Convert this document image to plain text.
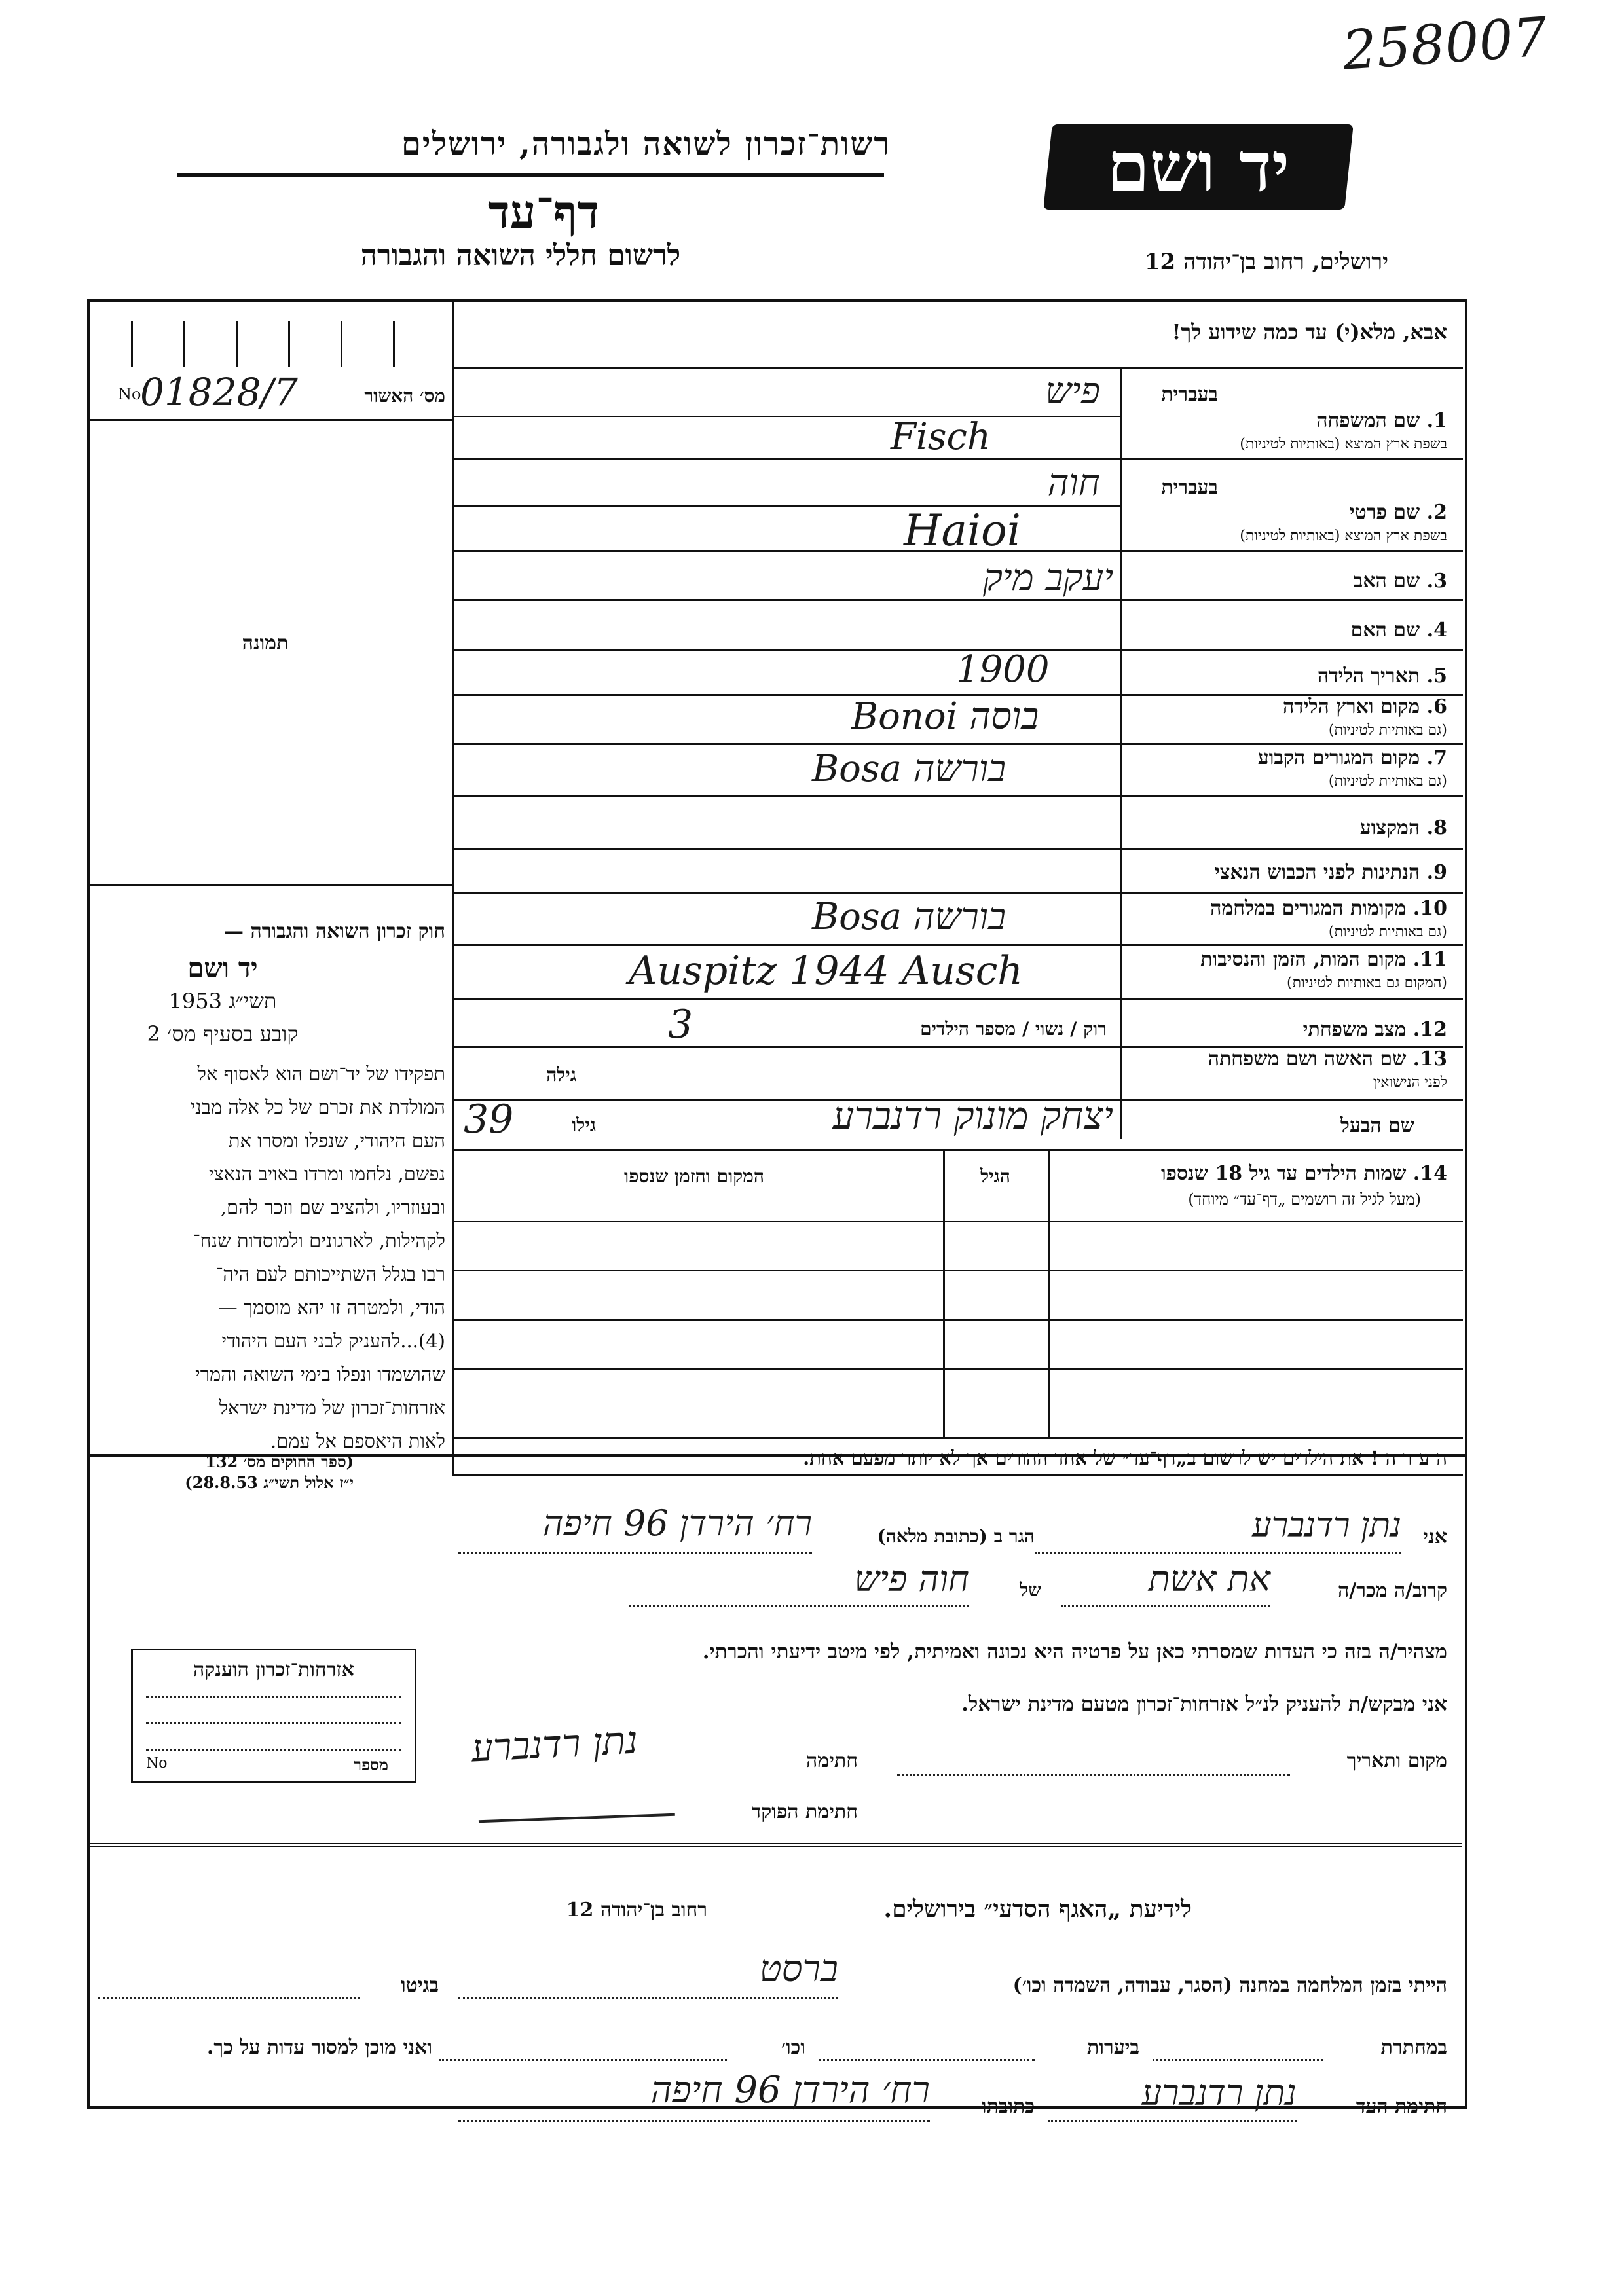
258007
רשות־זכרון לשואה ולגבורה, ירושלים
דף־עד
לרשום חללי השואה והגבורה
יד ושם
ירושלים, רחוב בן־יהודה 12
אבא, מלא(י) עד כמה שידוע לך!
No
01828/7	מס׳ האשור
תמונה
חוק זכרון השואה והגבורה —
יד ושם
תשי״ג 1953
קובע בסעיף מס׳ 2
תפקידו של יד־ושם הוא לאסוף אל
המולדת את זכרם של כל אלה מבני
העם היהודי, שנפלו ומסרו את
נפשם, נלחמו ומרדו באויב הנאצי
ובעוזריו, ולהציב שם וזכר להם,
לקהילות, לארגונים ולמוסדות שנח־
רבו בגלל השתייכותם לעם היה־
הודי, ולמטרה זו יהא מוסמך —
(4)...להעניק לבני העם היהודי
שהושמדו ונפלו בימי השואה והמרי
אזרחות־זכרון של מדינת ישראל
לאות היאספם אל עמם.
(ספר החוקים מס׳ 132
י״ז אלול תשי״ג 28.8.53)
בעברית
1. שם המשפחה
בשפת ארץ המוצא (באותיות לטיניות)
בעברית
2. שם פרטי
בשפת ארץ המוצא (באותיות לטיניות)
3. שם האב
4. שם האם
5. תאריך הלידה
6. מקום וארץ הלידה
(גם באותיות לטיניות)
7. מקום המגורים הקבוע
(גם באותיות לטיניות)
8. המקצוע
9. הנתינות לפני הכבוש הנאצי
10. מקומות המגורים במלחמה
(גם באותיות לטיניות)
11. מקום המות, הזמן והנסיבות
(המקום גם באותיות לטיניות)
12. מצב משפחתי
רוק / נשוי / מספר הילדים
3
13. שם האשה ושם משפחתה
לפני הנישואין
גילה
שם הבעל
גילו
39	יצחק מונוק רדנברע
פיש
Fisch
חוה
Haioi
יעקב מיק
1900
Bonoi בוסה
Bosa בורשה
Bosa בורשה
Auspitz 1944 Ausch
14. שמות הילדים עד גיל 18 שנספו
(מעל לגיל זה רושמים „דף־עד״ מיוחד)
הגיל
המקום והזמן שנספו
ה ע ר ה ! את הילדים יש לרשום ב„דף־עד״ של אחד ההורים אך לא יותר מפעם אחת.
אני
נתן רדנברע
הגר ב (כתובת מלאה)
רח׳ הירדן 96 חיפה
קרוב/ה מכר/ה
את אשת
של
חוה פיש
מצהיר/ה בזה כי העדות שמסרתי כאן על פרטיה היא נכונה ואמיתית, לפי מיטב ידיעתי והכרתי.
אני מבקש/ת להעניק לנ״ל אזרחות־זכרון מטעם מדינת ישראל.
מקום ותאריך
חתימה
נתן רדנברע
חתימת הפוקד
אזרחות־זכרון הוענקה
מספר
No
לידיעת „האגף הסדעי״ בירושלים.
רחוב בן־יהודה 12
הייתי בזמן המלחמה במחנה (הסגר, עבודה, השמדה וכו׳)
ברסט
בגיטו
במחתרת
ביערות
וכו׳
ואני מוכן למסור עדות על כך.
חתימת העד
נתן רדנברע
כתובתו
רח׳ הירדן 96 חיפה
